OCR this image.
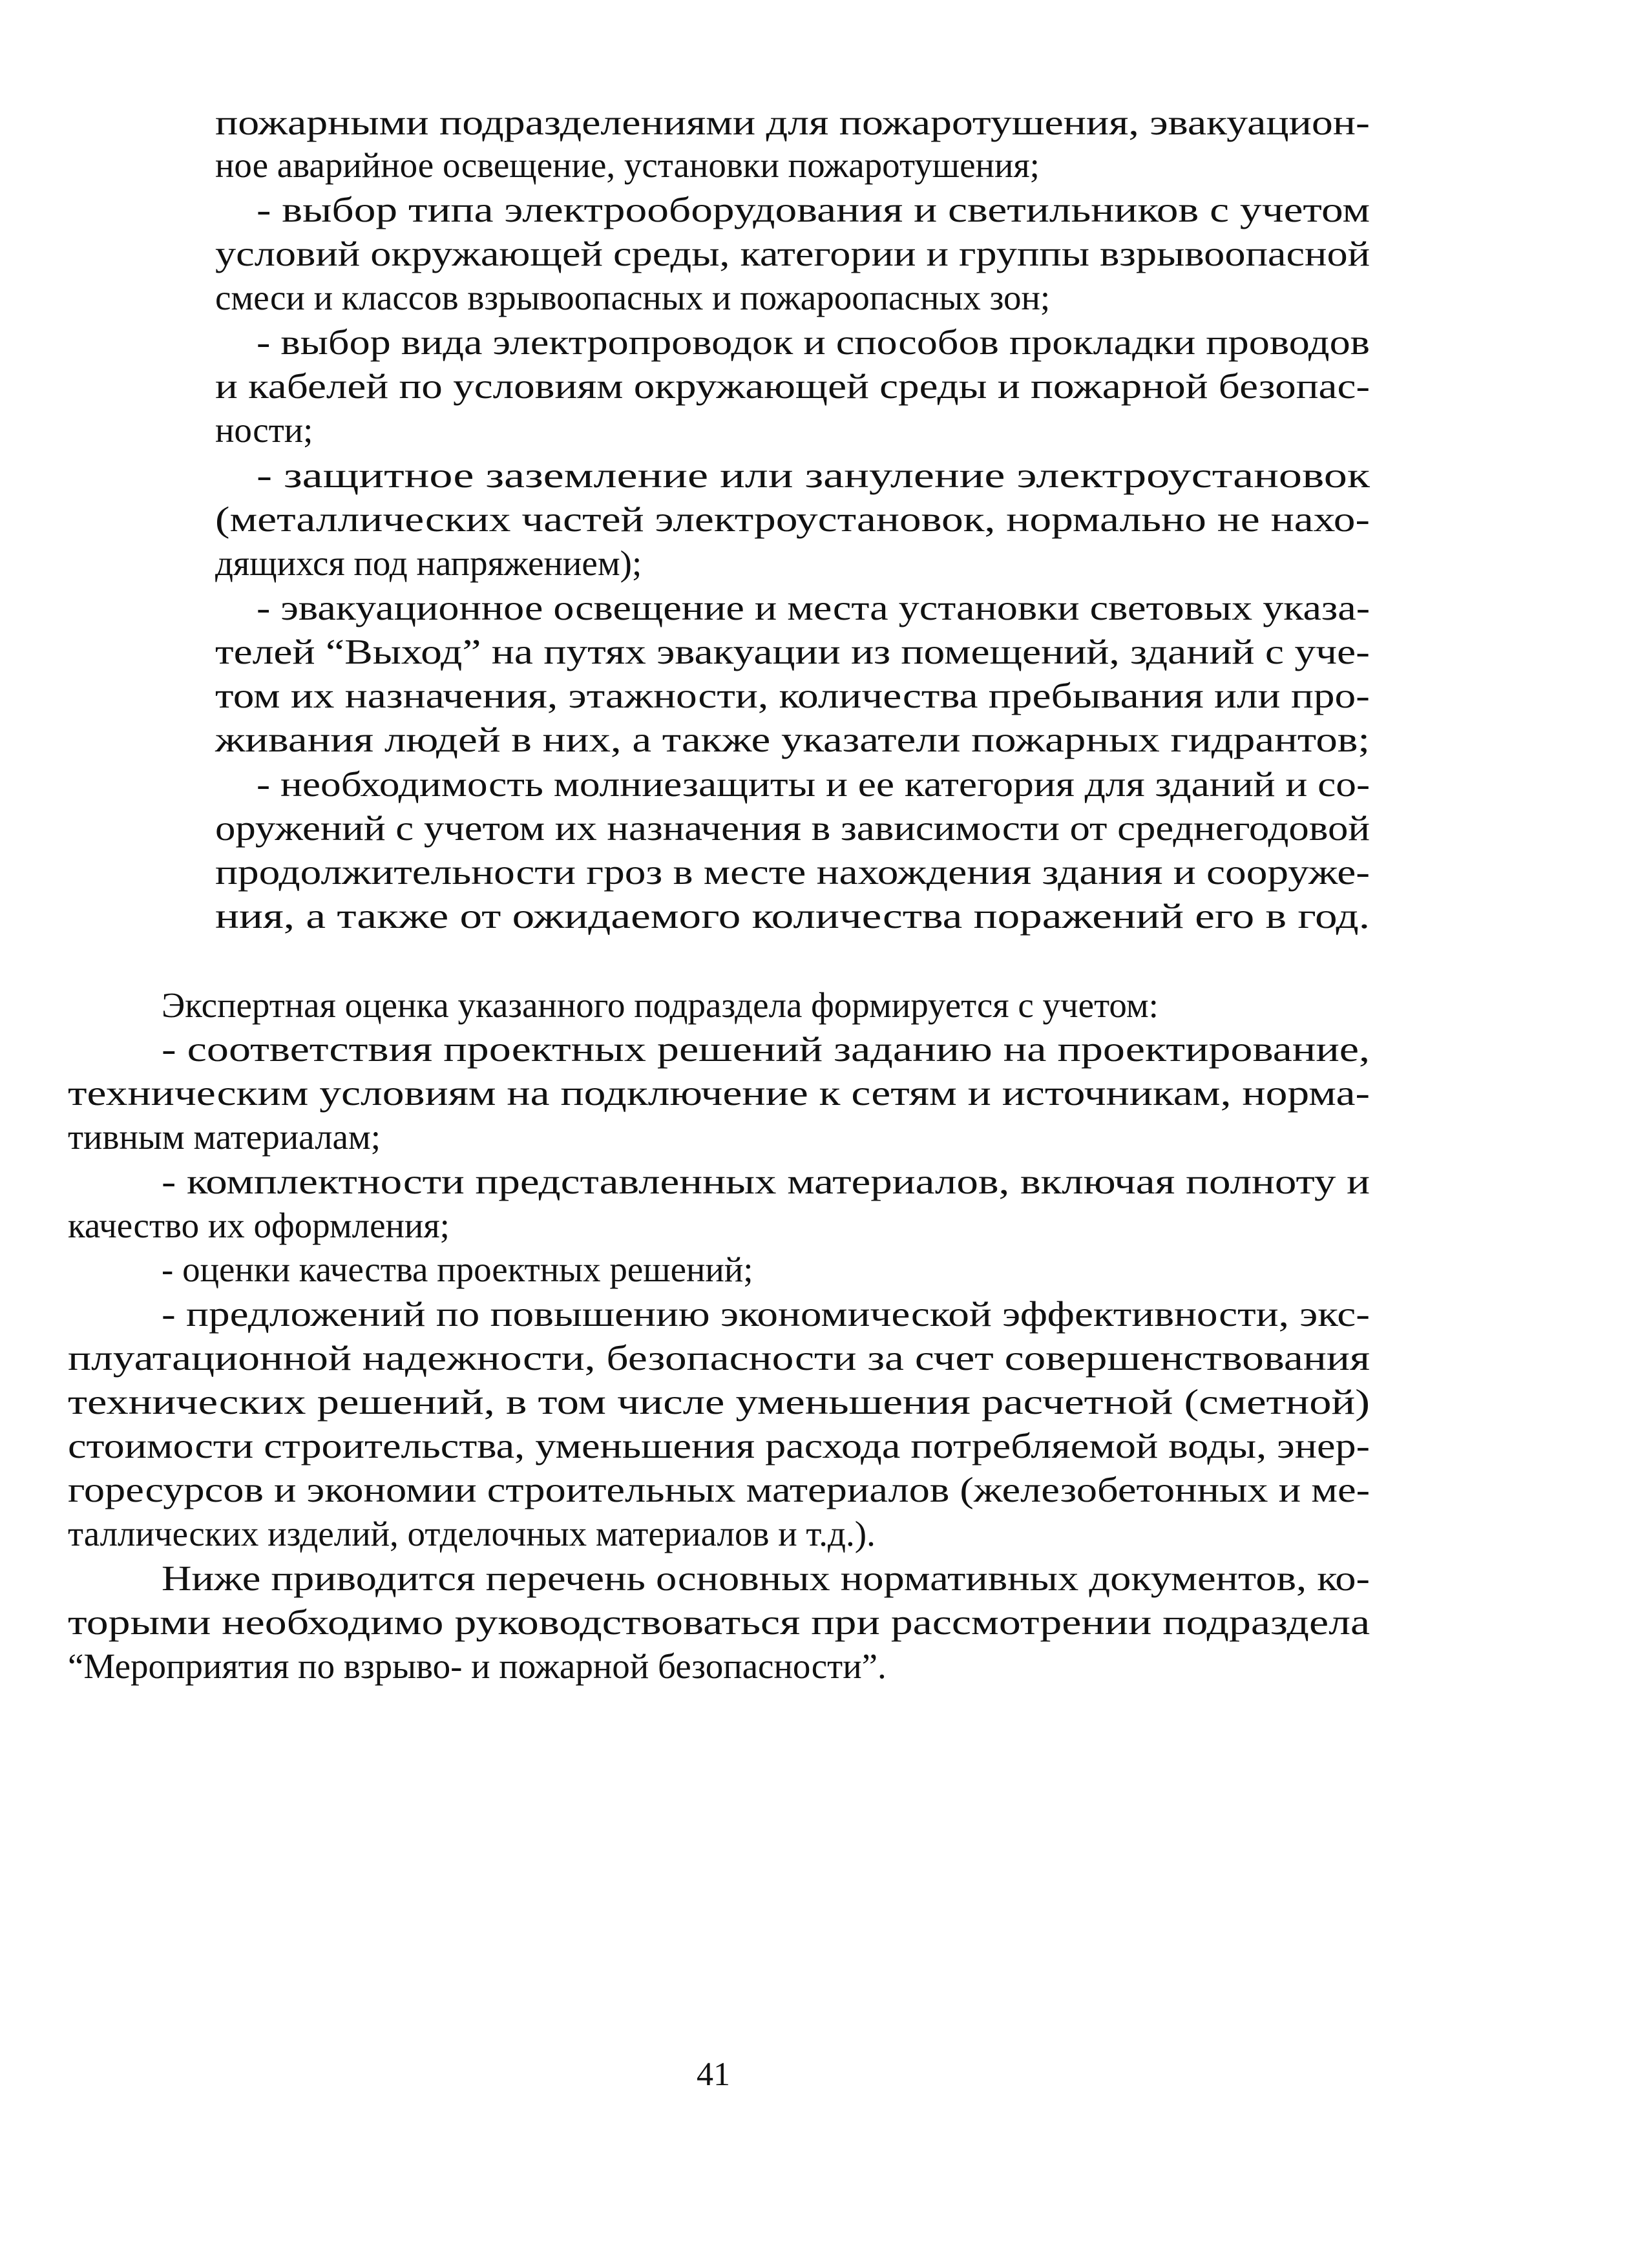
пожарными подразделениями для пожаротушения, эвакуацион-
ное аварийное освещение, установки пожаротушения;
- выбор типа электрооборудования и светильников с учетом
условий окружающей среды, категории и группы взрывоопасной
смеси и классов взрывоопасных и пожароопасных зон;
- выбор вида электропроводок и способов прокладки проводов
и кабелей по условиям окружающей среды и пожарной безопас-
ности;
- защитное заземление или зануление электроустановок
(металлических частей электроустановок, нормально не нахо-
дящихся под напряжением);
- эвакуационное освещение и места установки световых указа-
телей “Выход” на путях эвакуации из помещений, зданий с уче-
том их назначения, этажности, количества пребывания или про-
живания людей в них, а также указатели пожарных гидрантов;
- необходимость молниезащиты и ее категория для зданий и со-
оружений с учетом их назначения в зависимости от среднегодовой
продолжительности гроз в месте нахождения здания и сооруже-
ния, а также от ожидаемого количества поражений его в год.
Экспертная оценка указанного подраздела формируется с учетом:
- соответствия проектных решений заданию на проектирование,
техническим условиям на подключение к сетям и источникам, норма-
тивным материалам;
- комплектности представленных материалов, включая полноту и
качество их оформления;
- оценки качества проектных решений;
- предложений по повышению экономической эффективности, экс-
плуатационной надежности, безопасности за счет совершенствования
технических решений, в том числе уменьшения расчетной (сметной)
стоимости строительства, уменьшения расхода потребляемой воды, энер-
горесурсов и экономии строительных материалов (железобетонных и ме-
таллических изделий, отделочных материалов и т.д.).
Ниже приводится перечень основных нормативных документов, ко-
торыми необходимо руководствоваться при рассмотрении подраздела
“Мероприятия по взрыво- и пожарной безопасности”.
41
